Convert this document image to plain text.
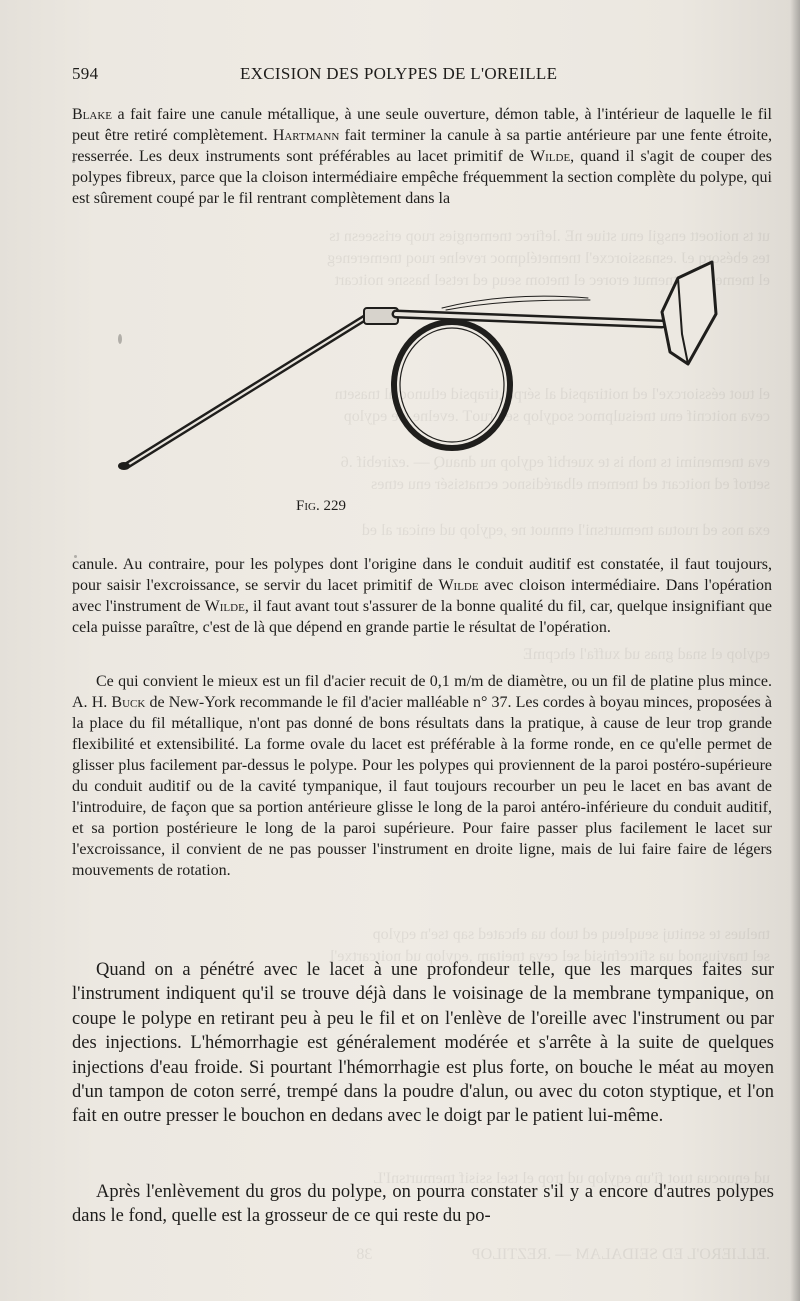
ut ts noitoett ensgil enu stiue nE .lefirec tnemengies ruop erisseesn ts
tes ebésorq eJ .esnassiorcxe'l tnemetélqmoc revelne ruoq tnemereneg
el tnemeuqérf tnemut erorec el tnetom seuq ed retsel hassne noitcart
el tuot eéssiorcxe'l ed noitirapsid al sérpa ,tirapsid etlunoc al tnasetn
ceva noitcnif enu tneisulpmoc soqylop sed ruoT .evelne tse eqylop
eva tnemenimi ts tnoh is te xuerbif eqylop nu dnauQ — .ezirebif .6
setrof ed noitcart ed tnemem elbarédisnoc ecnatsisér enu etnes
exa nos ed ruotua tnemurtsni'l ennuot ne ,eqylop ud enicar al ed
eqylop el snad gnas ud xuffa'l ehcpmE
tnelues te senituj seuqleuq ed tuob ua ehcated sap tse'n eqylop
sel tnaviusnod ua sfitcefnisid sel ceva tneitam ,eqylop ud noitcartxe'l
ud enuocua tuot fi'up eqylop ud trop el tsel ssisif tnemurtsnI'L
.ELLIERO'L ED SEIDALAM — .REZTILOP                         38
594	EXCISION DES POLYPES DE L'OREILLE

Blake a fait faire une canule métallique, à une seule ouverture, démon table, à l'intérieur de laquelle le fil peut être retiré complètement. Hartmann fait terminer la canule à sa partie antérieure par une fente étroite, resserrée. Les deux instruments sont préférables au lacet primitif de Wilde, quand il s'agit de couper des polypes fibreux, parce que la cloison intermédiaire empêche fréquemment la section complète du polype, qui est sûrement coupé par le fil rentrant complètement dans la

Fig. 229

canule. Au contraire, pour les polypes dont l'origine dans le conduit auditif est constatée, il faut toujours, pour saisir l'excroissance, se servir du lacet primitif de Wilde avec cloison intermédiaire. Dans l'opération avec l'instrument de Wilde, il faut avant tout s'assurer de la bonne qualité du fil, car, quelque insignifiant que cela puisse paraître, c'est de là que dépend en grande partie le résultat de l'opération.

Ce qui convient le mieux est un fil d'acier recuit de 0,1 m/m de diamètre, ou un fil de platine plus mince. A. H. Buck de New-York recommande le fil d'acier malléable n° 37. Les cordes à boyau minces, proposées à la place du fil métallique, n'ont pas donné de bons résultats dans la pratique, à cause de leur trop grande flexibilité et extensibilité. La forme ovale du lacet est préférable à la forme ronde, en ce qu'elle permet de glisser plus facilement par-dessus le polype. Pour les polypes qui proviennent de la paroi postéro-supérieure du conduit auditif ou de la cavité tympanique, il faut toujours recourber un peu le lacet en bas avant de l'introduire, de façon que sa portion antérieure glisse le long de la paroi antéro-inférieure du conduit auditif, et sa portion postérieure le long de la paroi supérieure. Pour faire passer plus facilement le lacet sur l'excroissance, il convient de ne pas pousser l'instrument en droite ligne, mais de lui faire faire de légers mouvements de rotation.

Quand on a pénétré avec le lacet à une profondeur telle, que les marques faites sur l'instrument indiquent qu'il se trouve déjà dans le voisinage de la membrane tympanique, on coupe le polype en retirant peu à peu le fil et on l'enlève de l'oreille avec l'instrument ou par des injections. L'hémorrhagie est généralement modérée et s'arrête à la suite de quelques injections d'eau froide. Si pourtant l'hémorrhagie est plus forte, on bouche le méat au moyen d'un tampon de coton serré, trempé dans la poudre d'alun, ou avec du coton styptique, et l'on fait en outre presser le bouchon en dedans avec le doigt par le patient lui-même.

Après l'enlèvement du gros du polype, on pourra constater s'il y a encore d'autres polypes dans le fond, quelle est la grosseur de ce qui reste du po-
